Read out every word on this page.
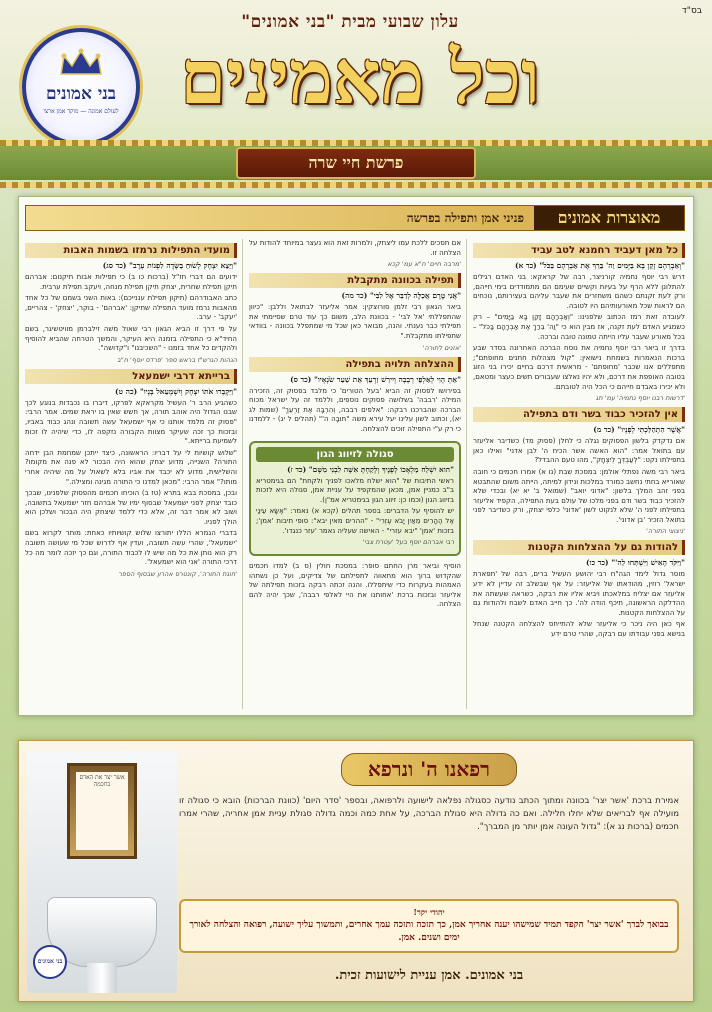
בס"ד
עלון שבועי מבית "בני אמונים"
וכל מאמינים
בני אמונים
לעולם אמונה — מוקד אמן ארצי
פרשת חיי שרה
מאוצרות אמונים
פניני אמן ותפילה בפרשה
כל מאן דעביד רחמנא לטב עביד
"וְאַבְרָהָם זָקֵן בָּא בַּיָּמִים וַה' בֵּרַךְ אֶת אַבְרָהָם בַּכֹּל" (כד א)
דרש רבי יוסף נחמיה קורניצר, רבה של קראקא: בני האדם רגילים להתלונן ללא הרף על בעיות וקשיים שעימם הם מתמודדים בימי חייהם, ורק לעת זקנתם כשהם משחזרים את שעבר עליהם בעצירותם, נוכחים הם לראות שכל מאורעותיהם היו לטובה.
לעובדה זאת רמז הכתוב שלפנינו: "וְאַבְרָהָם זָקֵן בָּא בַּיָּמִים" – רק כשמגיע האדם לעת זקנה, אז מבין הוא כי "וַה' בֵּרַךְ אֶת אַבְרָהָם בַּכֹּל" – בכל מאורע שעבר עליו הייתה טמונה טובה וברכה.
בדרך זו ביאר רבי יוסף נחמיה את נוסח הברכה האחרונה בסדר שבע ברכות הנאמרות בשמחת נישואין: "קול מצהלות חתנים מחופתם"; מתפללים אנו שכבר 'מחופתם' - מראשית דרכם בחיים יכירו בני הזוג בטובה האופפת את דרכם, ולא יהיו נאלצו שעבורים תשים כעצר ומטאם, ולא יכירו באבדם חייהם כי הכל היה לטובתם.
'דרשות רבנו יוסף נחמיה' עמ' תג
אין להזכיר כבוד בשר ודם בתפילה
"אֲשֶׁר הִתְהַלַּכְתִּי לְפָנָיו" (כד מ)
אם נדקדק בלשון הפסוקים נגלה כי לחלן (פסוק מד) כשדיבר אליעזר עם בתואל אמר: "הוא האשה אשר הכיח ה' לבן אדני" ואילו כאן בתפילתו נקט: "לְעַבְדְּךָ לְיִצְחָק", מהו טעם ההבדל?
ביאר רבי משה נפתלי אולמן: במסכת שבת (נו א) אמרו חכמים כי חובה שאורייא בחתי נחשב כמורד במלכות ונידון למיתה, הייתה משום שהתבטא בפני זהב המלך בלשון: "אדוני יואב" (שמואל ב' יא יא) ובכדי שלא להזכיר כבוד בשר ודם בפני מלכו של עולם בעת התפילה, הקפיד אליעזר בתפילתו לפני ה' שלא לנקוט לשון 'אדוני' כלפי יצחק, ורק כשדיבר לפני בתואל הזכיר 'בן אדוני'.
'ניצוצי התורה'
להודות גם על ההצלחות הקטנות
"וַיִּקֹּד הָאִישׁ וַיִּשְׁתַּחוּ לַה'" (כד כו)
מוסר גדול לימד הגה"ח רבי יהושע העשיל ברים, רבה של 'תפארת ישראל' רוזין, מהודאתו של אליעזר: על אף שבשלב זה עדיין לא ידע אליעזר אם יצליח במלאכתו ויביא אליו את רבקה, כשראה שעשתה את ההדלקה הראשונה, תיכף הודה לה'. כך חייב האדם לשבח ולהודות גם על ההצלחות הקטנות.
אף כאן היה ניכר כי אליעזר שלא להתייחס להצלחה הקטנה שנחל בנישא בפני עבודתו עם רבקה, שהרי טרם ידע
אם תסכים ללכת עמו ליצחק, ולמרות זאת הוא נעצר במיוחד להודות על הצלחה זו.
'מרבה חיים' ח"א עמ' קכא
תפילה בכוונה מתקבלת
"אֲנִי טֶרֶם אֲכַלֶּה לְדַבֵּר אֶל לִבִּי" (כד מה)
ביאר הגאון רבי זלמן סורוצקין: אמר אליעזר לבתואל וללבן: "כיוון שהתפללתי 'אל לבי' - בכוונת הלב, משום כך עוד טרם שסיימתי את תפילתי כבר נענתי. והנה, מבואר כאן שכל מי שמתפלל בכוונה - בוודאי שתפילתו מתקבלת."
'אזנים לתורה'
ההצלחה תלויה בתפילה
"אַתְּ הָוִי לְאַלְפֵי רְבָבָה וְיִירַשׁ זַרְעֵךְ אֵת שַׁעַר שֹׂנְאָיו" (כד ס)
בפירושו לפסוק זה הביא 'בעל הטורים' כי מלבד בפסוק זה, הזכירה המילה 'רבבה' בשלושה פסוקים נוספים, וללמד זה על ישראל מכוח הברכה שהברכנו רבקה: "אלפים רבבה, וְהִרְבָּה אֶת זַרְעֵךְ" (שמות לג יא), וכתוב לשון עלינו יעל עירא משה "תּוּבָה ה'" (תהלים ל יג) - ללמדנו כי רק ע"י התפילה זוכים להצלחה.
סגולה לזיווג הגון
"הוא יִשְׁלַח מַלְאָכוֹ לְפָנֶיךָ וְלָקַחְתָּ אִשָּׁה לִבְנִי מִשָּׁם" (כד ז)
ראשי התיבות של "הוא ישלח מלאכו לפניך ולקחת" הם בגימטריא ב"ב כמניין אמן, מכאן שהמקפיד על עניית אמן, סגולה היא לזכות בזיווג הגון (וכמו כן: זיווג הגון בגימטריא אמ"ן).
יש להוסיף על הדברים: בספר תהלים (קכא א) נאמר: "אֶשָּׂא עֵינַי אֶל הֶהָרִים מֵאַיִן יָבֹא עֶזְרִי" - "ההרים מאין יבא": סופי תיבות 'אמן'; בזכות 'אמן' "יבא עזרי" - האישה שעליה נאמר 'עזר כנגדו'.
רבי אברהם יוסף בעל 'עטרת צבי'
הוסיף וביאר מרן החתם סופר: במסכת חולין (ס ב) למדו חכמים שהקדוש ברוך הוא מתאווה לתפילתם של צדיקים, ועל כן נשתהו האמהות בעקרות כדי שיתפללו. והנה זכתה רבקה בזכות תפילתה של אליעזר ובזכות ברכת 'אחותנו את היי לאלפי רבבה', שכך יהיה להם הצלחה.
מועדי התפילות נרמזו בשמות האבות
"וַיֵּצֵא יִצְחָק לָשׂוּחַ בַּשָּׂדֶה לִפְנוֹת עָרֶב" (כד סג)
ידועים הם דברי חז"ל (ברכות כו ב) כי תפילות אבות תיקנום: אברהם תיקן תפילת שחרית, יצחק תיקן תפילת מנחה, ויעקב תפילת ערבית.
כתב האבודרהם (תיקון תפילת עננייכם): באות השני בשמם של כל אחד מהאבות נרמז מועד התפילה שתיקן: 'אברהם' - בוקר, 'יצחק' - צהריים, 'יעקב' - ערב.
על פי דרך זו הביא הגאון רבי שאול משה זילברמן מוויטשיגר, בשם החיד"א כי התפילה בזמנה היא העיקר, והמשך הטרחה שהביא להוסיף ולהקדים כל אחד בזמנו - "השכיבנו" ו"קדושה".
הגהות הגרש"ז בראש ספר 'פרדס יוסף' ח"ב
ברייתא דרבי ישמעאל
"וַיִּקְבְּרוּ אֹתוֹ יִצְחָק וְיִשְׁמָעֵאל בָּנָיו" (כה ט)
כשהגיע הרב ר' העשיל מקראקא לפרקו, דיברו בו נכבדות בנוגע לכך שבנו הגדול היה אוהב תורה, אך חשש שאין בו יראת שמים. אמר הרבי: "פסוק זה מלמד אותנו כי אף ישמעאל עשה תשובה ונהג כבוד באביו, ובזכות כך זכה שעיקר מצוות הקבורה נזקפה לו, כדי שיהיה לו זכות לשמיעת ברייתא."
"שלוש קושיות לי על דבריו: הראשונה, כיצד ייתכן שמחמת הבן ידחה התורה? השנייה, מדוע יצחק שהוא היה הבכור לא פנה את מקומו? והשלישית, מדוע לא יכבד את אביו בלא לשאול על מה שיהיה אחרי מותו?" אמר הרבי: "מכאן למדנו כי התורה מגינה ומצילה."
ובכן, במסכת בבא בתרא (טז ב) הוכיחו חכמים מהפסוק שלפנינו, שבכך כובד יצחק לפני ישמעאל שבסוף ימיו של אברהם חזר ישמעאל בתשובה, ושוב לא אמר דבר זה, אלא כדי ללמד שיצחק היה הבכור ושלכן הוא הולך לפניו.
בדברי הגמרא הללו יתורצו שלוש קושיותיו כאחת: מותר לקרוא בשם 'ישמעאל', שהרי עשה תשובה, ועדין אף לדרוש שכל מי שעושה תשובה רק הוא נותן את כל מה שיש לו לכבוד התורה, וגם כך יזכה לומר מה כל דרכי התורה 'אני הוא ישמעאל'.
'חוגת התורה', קונטרס אהרון שבסוף הספר
אשר יצר את האדם בחכמה
בני אמונים
רפאנו ה' ונרפא
אמירת ברכת 'אשר יצר' בכוונה ומתוך הכתב נודעה כסגולה נפלאה לישועה ולרפואה, ובספר 'סדר היום' (כוונת הברכות) הובא כי סגולה זו מועילה אף לבריאים שלא יחלו חלילה. ואם כה גדולה היא סגולת הברכה, על אחת כמה וכמה גדולה סגולת עניית אמן אחריה, שהרי אמרו חכמים (ברכות נג א): "גדול העונה אמן יותר מן המברך".
יהודי יקר!
בבואך לברך 'אשר יצר' הקפד תמיד שמישהו יענה אחריך אמן, כך תזכה ותזכה עמך אחרים, ותמשוך עליך ישועה, רפואה והצלחה לאורך ימים ושנים. אמן.
בני אמונים. אמן עניית לישועות זכית.
